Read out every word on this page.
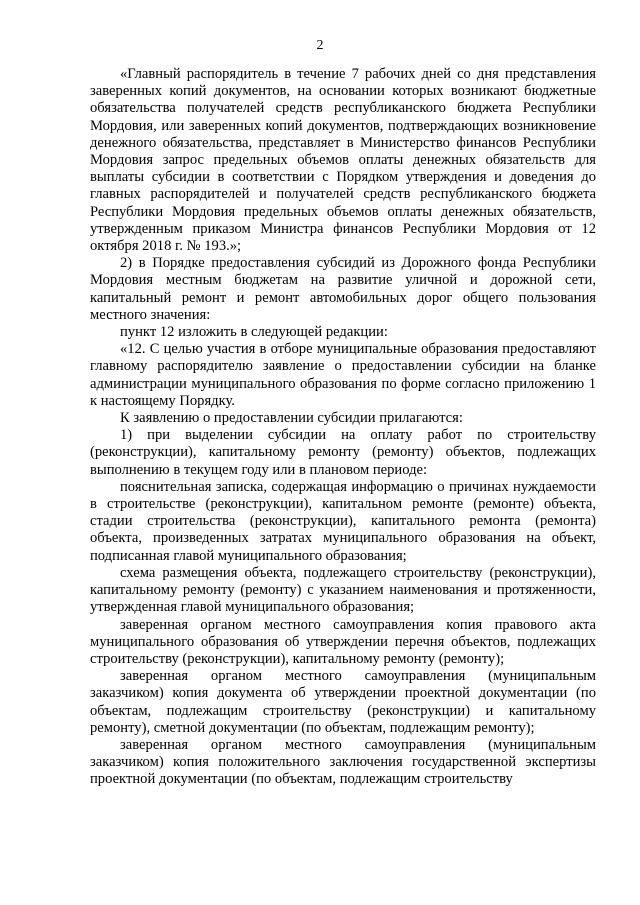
2

«Главный распорядитель в течение 7 рабочих дней со дня представления заверенных копий документов, на основании которых возникают бюджетные обязательства получателей средств республиканского бюджета Республики Мордовия, или заверенных копий документов, подтверждающих возникновение денежного обязательства, представляет в Министерство финансов Республики Мордовия запрос предельных объемов оплаты денежных обязательств для выплаты субсидии в соответствии с Порядком утверждения и доведения до главных распорядителей и получателей средств республиканского бюджета Республики Мордовия предельных объемов оплаты денежных обязательств, утвержденным приказом Министра финансов Республики Мордовия от 12 октября 2018 г. № 193.»;

2) в Порядке предоставления субсидий из Дорожного фонда Республики Мордовия местным бюджетам на развитие уличной и дорожной сети, капитальный ремонт и ремонт автомобильных дорог общего пользования местного значения:

пункт 12 изложить в следующей редакции:

«12. С целью участия в отборе муниципальные образования предоставляют главному распорядителю заявление о предоставлении субсидии на бланке администрации муниципального образования по форме согласно приложению 1 к настоящему Порядку.

К заявлению о предоставлении субсидии прилагаются:

1) при выделении субсидии на оплату работ по строительству (реконструкции), капитальному ремонту (ремонту) объектов, подлежащих выполнению в текущем году или в плановом периоде:

пояснительная записка, содержащая информацию о причинах нуждаемости в строительстве (реконструкции), капитальном ремонте (ремонте) объекта, стадии строительства (реконструкции), капитального ремонта (ремонта) объекта, произведенных затратах муниципального образования на объект, подписанная главой муниципального образования;

схема размещения объекта, подлежащего строительству (реконструкции), капитальному ремонту (ремонту) с указанием наименования и протяженности, утвержденная главой муниципального образования;

заверенная органом местного самоуправления копия правового акта муниципального образования об утверждении перечня объектов, подлежащих строительству (реконструкции), капитальному ремонту (ремонту);

заверенная органом местного самоуправления (муниципальным заказчиком) копия документа об утверждении проектной документации (по объектам, подлежащим строительству (реконструкции) и капитальному ремонту), сметной документации (по объектам, подлежащим ремонту);

заверенная органом местного самоуправления (муниципальным заказчиком) копия положительного заключения государственной экспертизы проектной документации (по объектам, подлежащим строительству
